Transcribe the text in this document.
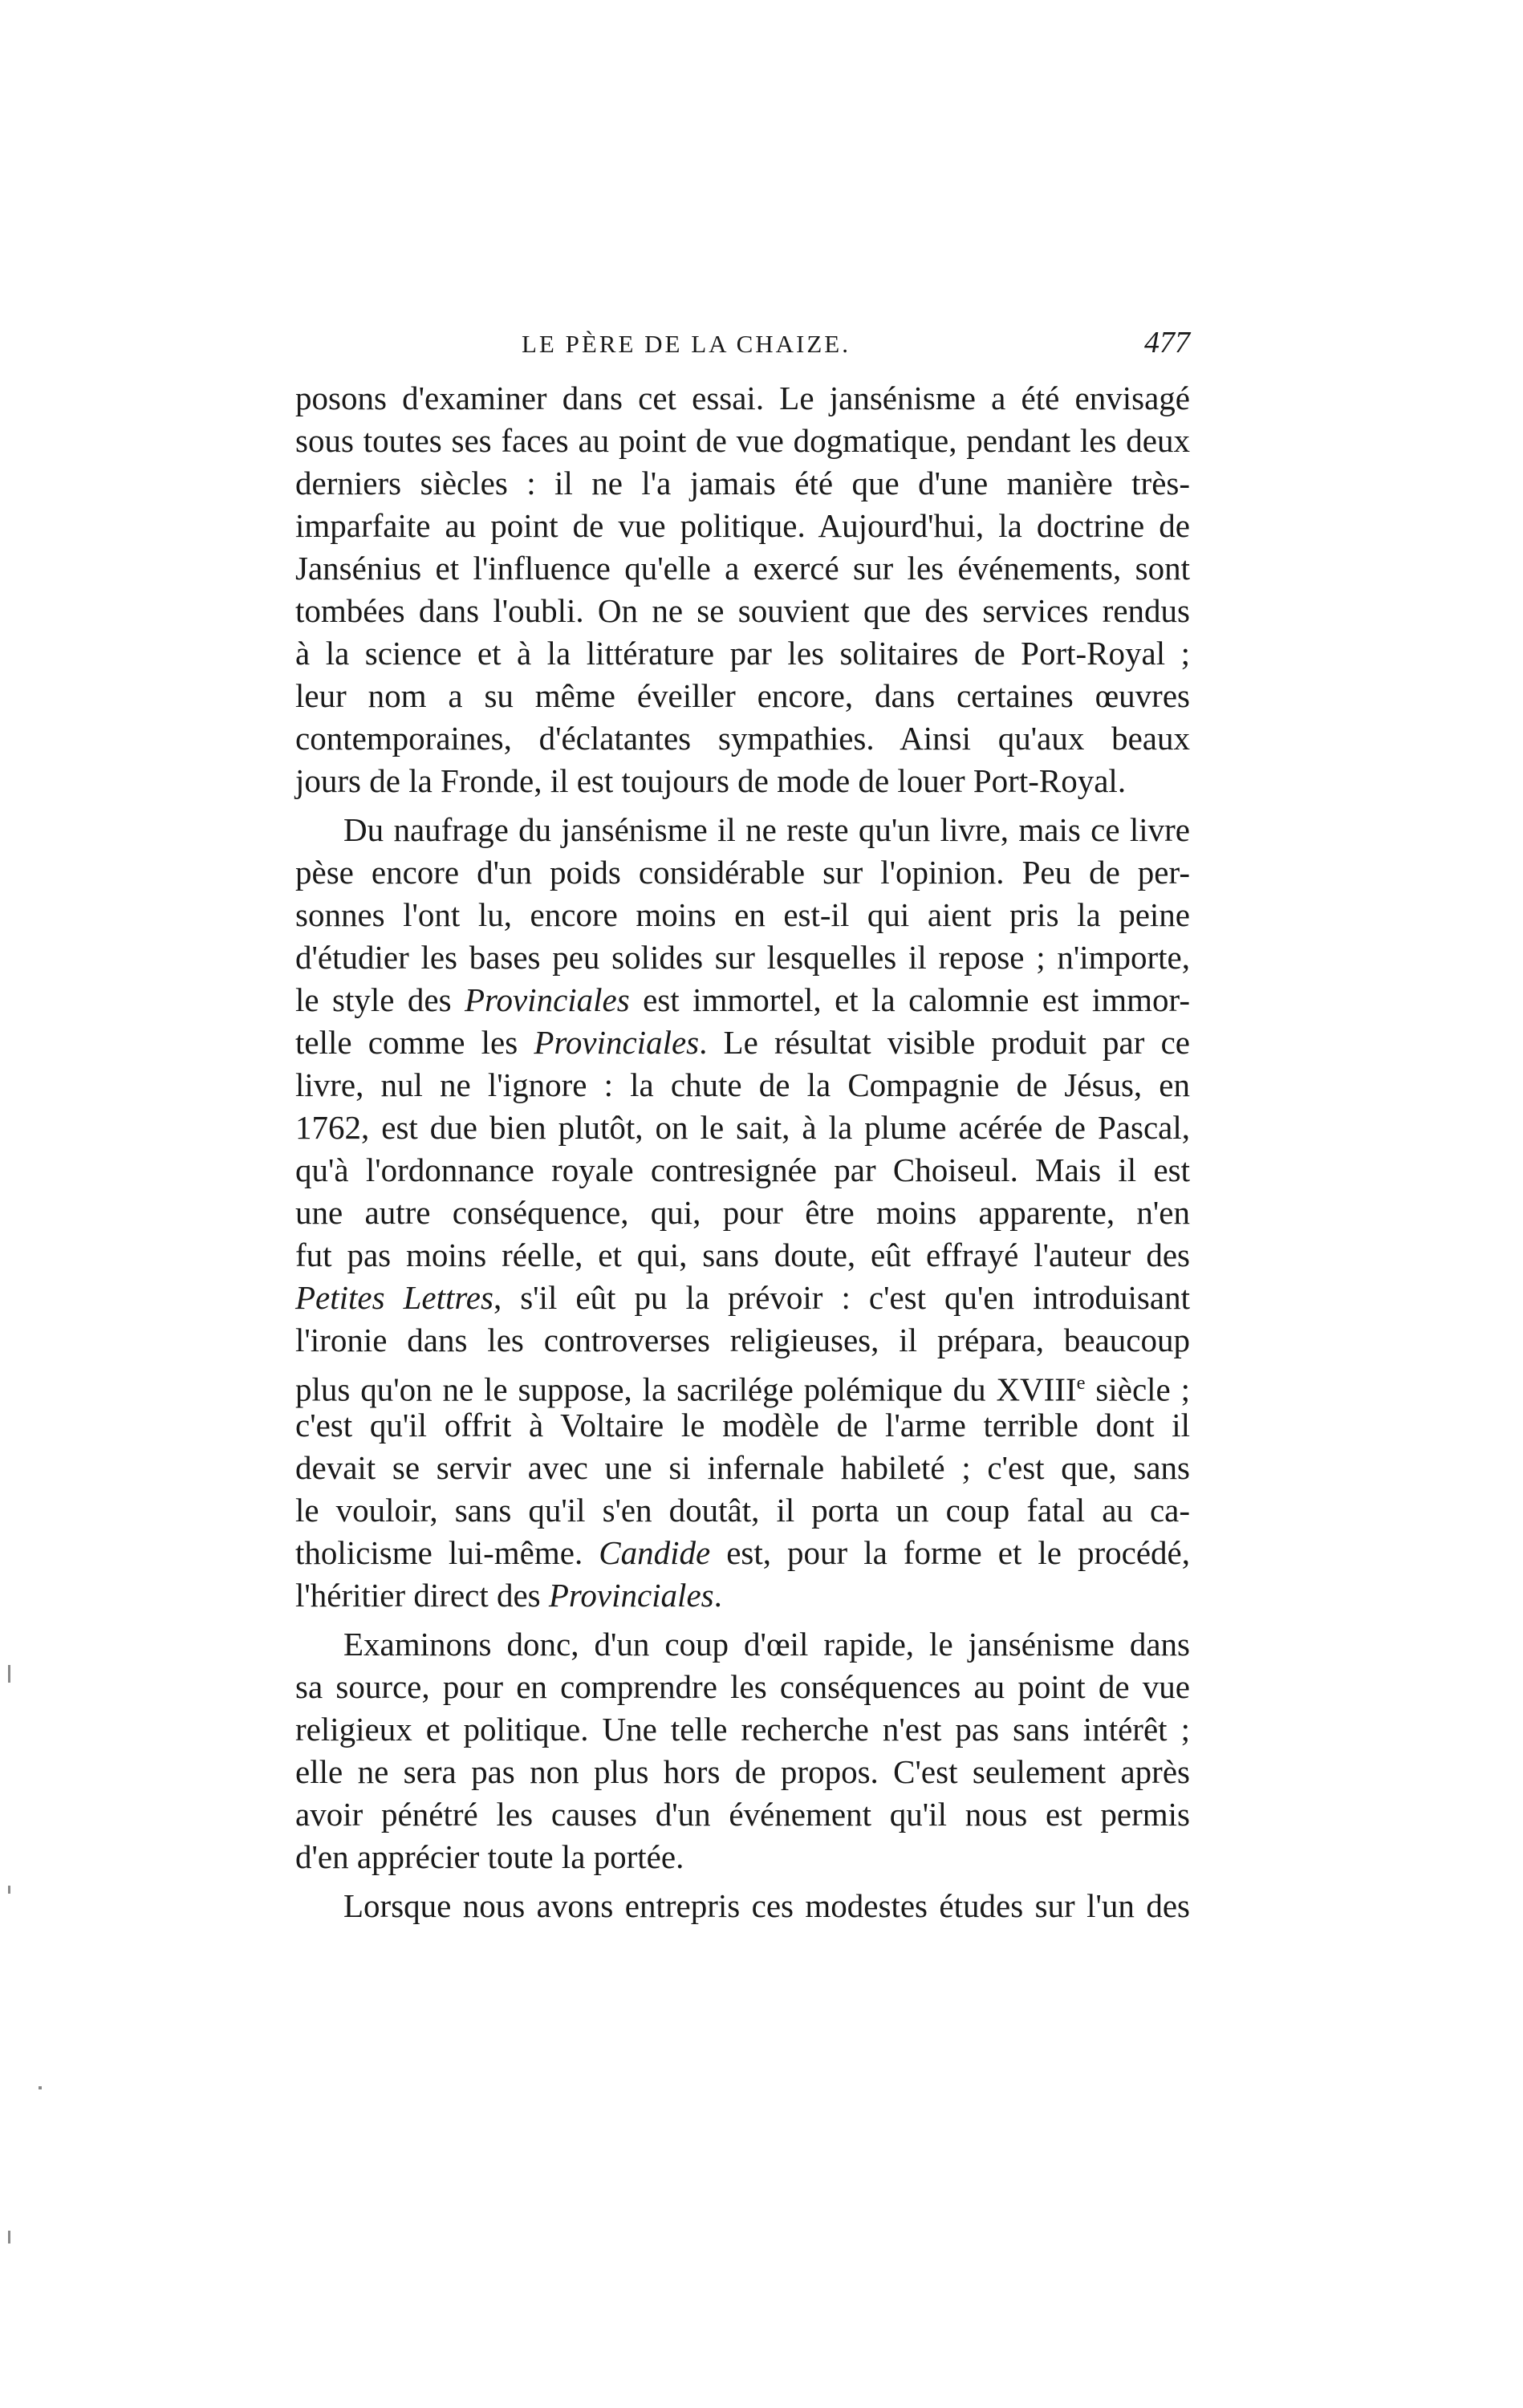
LE PÈRE DE LA CHAIZE.	477
posons d'examiner dans cet essai. Le jansénisme a été envisagé
sous toutes ses faces au point de vue dogmatique, pendant les deux
derniers siècles : il ne l'a jamais été que d'une manière très-
imparfaite au point de vue politique. Aujourd'hui, la doctrine de
Jansénius et l'influence qu'elle a exercé sur les événements, sont
tombées dans l'oubli. On ne se souvient que des services rendus
à la science et à la littérature par les solitaires de Port-Royal ;
leur nom a su même éveiller encore, dans certaines œuvres
contemporaines, d'éclatantes sympathies. Ainsi qu'aux beaux
jours de la Fronde, il est toujours de mode de louer Port-Royal.
Du naufrage du jansénisme il ne reste qu'un livre, mais ce livre
pèse encore d'un poids considérable sur l'opinion. Peu de per-
sonnes l'ont lu, encore moins en est-il qui aient pris la peine
d'étudier les bases peu solides sur lesquelles il repose ; n'importe,
le style des Provinciales est immortel, et la calomnie est immor-
telle comme les Provinciales. Le résultat visible produit par ce
livre, nul ne l'ignore : la chute de la Compagnie de Jésus, en
1762, est due bien plutôt, on le sait, à la plume acérée de Pascal,
qu'à l'ordonnance royale contresignée par Choiseul. Mais il est
une autre conséquence, qui, pour être moins apparente, n'en
fut pas moins réelle, et qui, sans doute, eût effrayé l'auteur des
Petites Lettres, s'il eût pu la prévoir : c'est qu'en introduisant
l'ironie dans les controverses religieuses, il prépara, beaucoup
plus qu'on ne le suppose, la sacrilége polémique du XVIIIe siècle ;
c'est qu'il offrit à Voltaire le modèle de l'arme terrible dont il
devait se servir avec une si infernale habileté ; c'est que, sans
le vouloir, sans qu'il s'en doutât, il porta un coup fatal au ca-
tholicisme lui-même. Candide est, pour la forme et le procédé,
l'héritier direct des Provinciales.
Examinons donc, d'un coup d'œil rapide, le jansénisme dans
sa source, pour en comprendre les conséquences au point de vue
religieux et politique. Une telle recherche n'est pas sans intérêt ;
elle ne sera pas non plus hors de propos. C'est seulement après
avoir pénétré les causes d'un événement qu'il nous est permis
d'en apprécier toute la portée.
Lorsque nous avons entrepris ces modestes études sur l'un des
